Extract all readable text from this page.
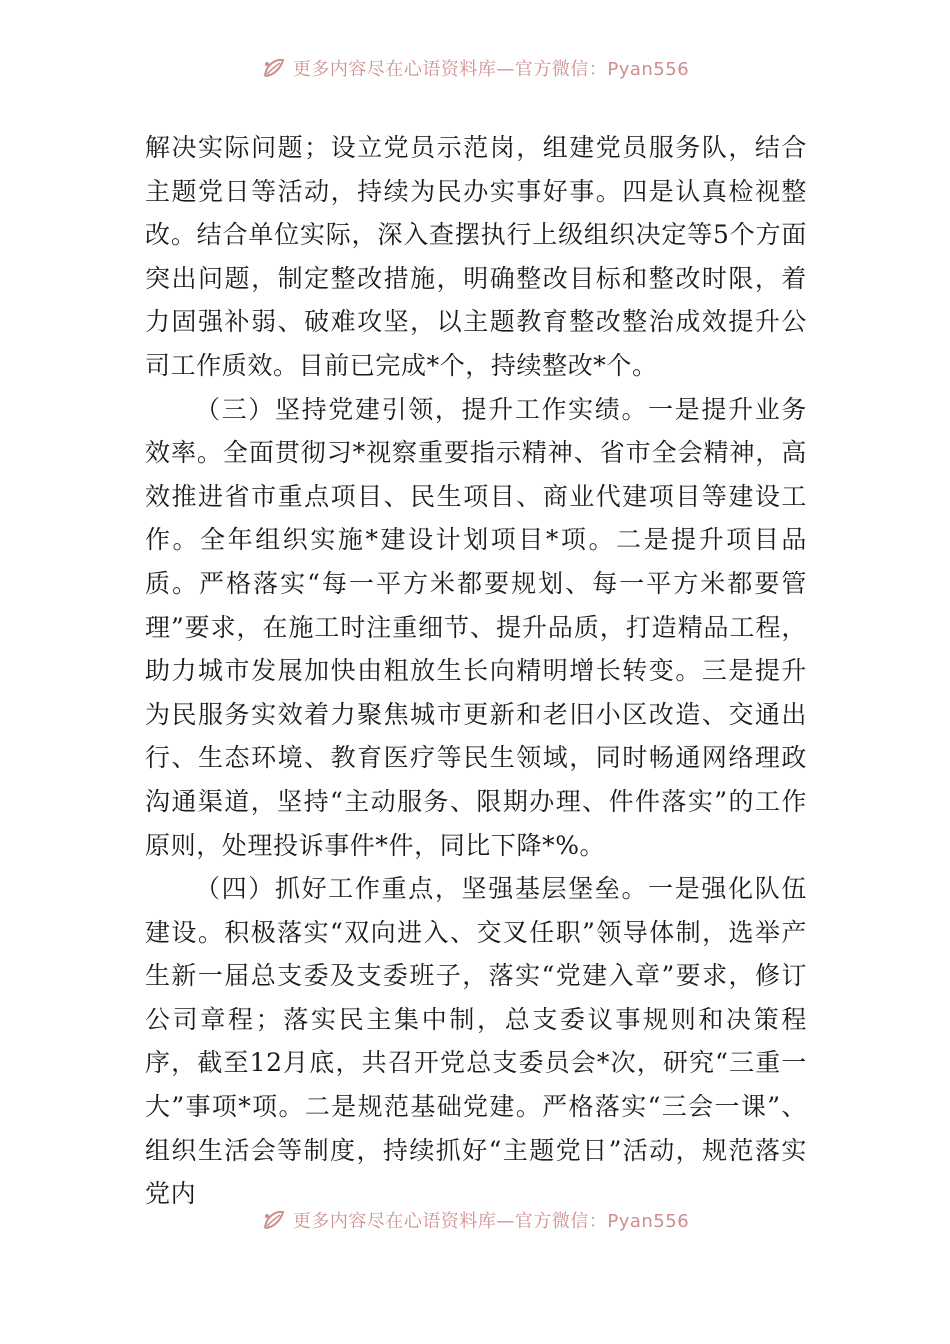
更多内容尽在心语资料库—官方微信：Pyan556

解决实际问题；设立党员示范岗，组建党员服务队，结合主题党日等活动，持续为民办实事好事。四是认真检视整改。结合单位实际，深入查摆执行上级组织决定等5个方面突出问题，制定整改措施，明确整改目标和整改时限，着力固强补弱、破难攻坚，以主题教育整改整治成效提升公司工作质效。目前已完成*个，持续整改*个。

（三）坚持党建引领，提升工作实绩。一是提升业务效率。全面贯彻习*视察重要指示精神、省市全会精神，高效推进省市重点项目、民生项目、商业代建项目等建设工作。全年组织实施*建设计划项目*项。二是提升项目品质。严格落实“每一平方米都要规划、每一平方米都要管理”要求，在施工时注重细节、提升品质，打造精品工程，助力城市发展加快由粗放生长向精明增长转变。三是提升为民服务实效着力聚焦城市更新和老旧小区改造、交通出行、生态环境、教育医疗等民生领域，同时畅通网络理政沟通渠道，坚持“主动服务、限期办理、件件落实”的工作原则，处理投诉事件*件，同比下降*%。

（四）抓好工作重点，坚强基层堡垒。一是强化队伍建设。积极落实“双向进入、交叉任职”领导体制，选举产生新一届总支委及支委班子，落实“党建入章”要求，修订公司章程；落实民主集中制，总支委议事规则和决策程序，截至12月底，共召开党总支委员会*次，研究“三重一大”事项*项。二是规范基础党建。严格落实“三会一课”、组织生活会等制度，持续抓好“主题党日”活动，规范落实党内

更多内容尽在心语资料库—官方微信：Pyan556
